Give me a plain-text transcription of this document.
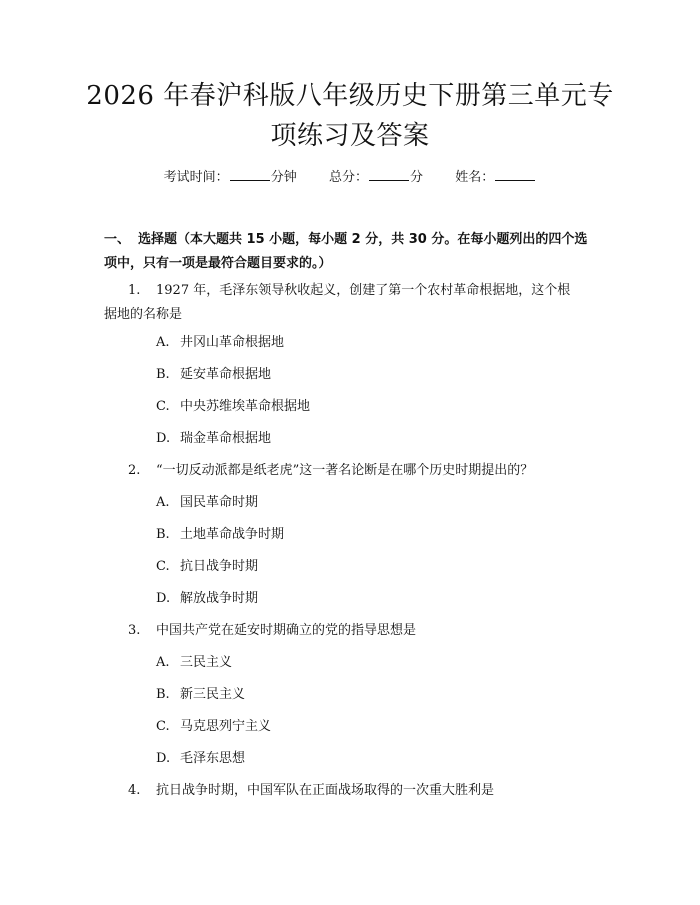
2026 年春沪科版八年级历史下册第三单元专
项练习及答案
考试时间：	分钟 总分：	分 姓名：
一、 选择题（本大题共 15 小题，每小题 2 分，共 30 分。在每小题列出的四个选
项中，只有一项是最符合题目要求的。）
1. 1927 年，毛泽东领导秋收起义，创建了第一个农村革命根据地，这个根
据地的名称是
A. 井冈山革命根据地
B. 延安革命根据地
C. 中央苏维埃革命根据地
D. 瑞金革命根据地
2. “一切反动派都是纸老虎”这一著名论断是在哪个历史时期提出的？
A. 国民革命时期
B. 土地革命战争时期
C. 抗日战争时期
D. 解放战争时期
3. 中国共产党在延安时期确立的党的指导思想是
A. 三民主义
B. 新三民主义
C. 马克思列宁主义
D. 毛泽东思想
4. 抗日战争时期，中国军队在正面战场取得的一次重大胜利是
